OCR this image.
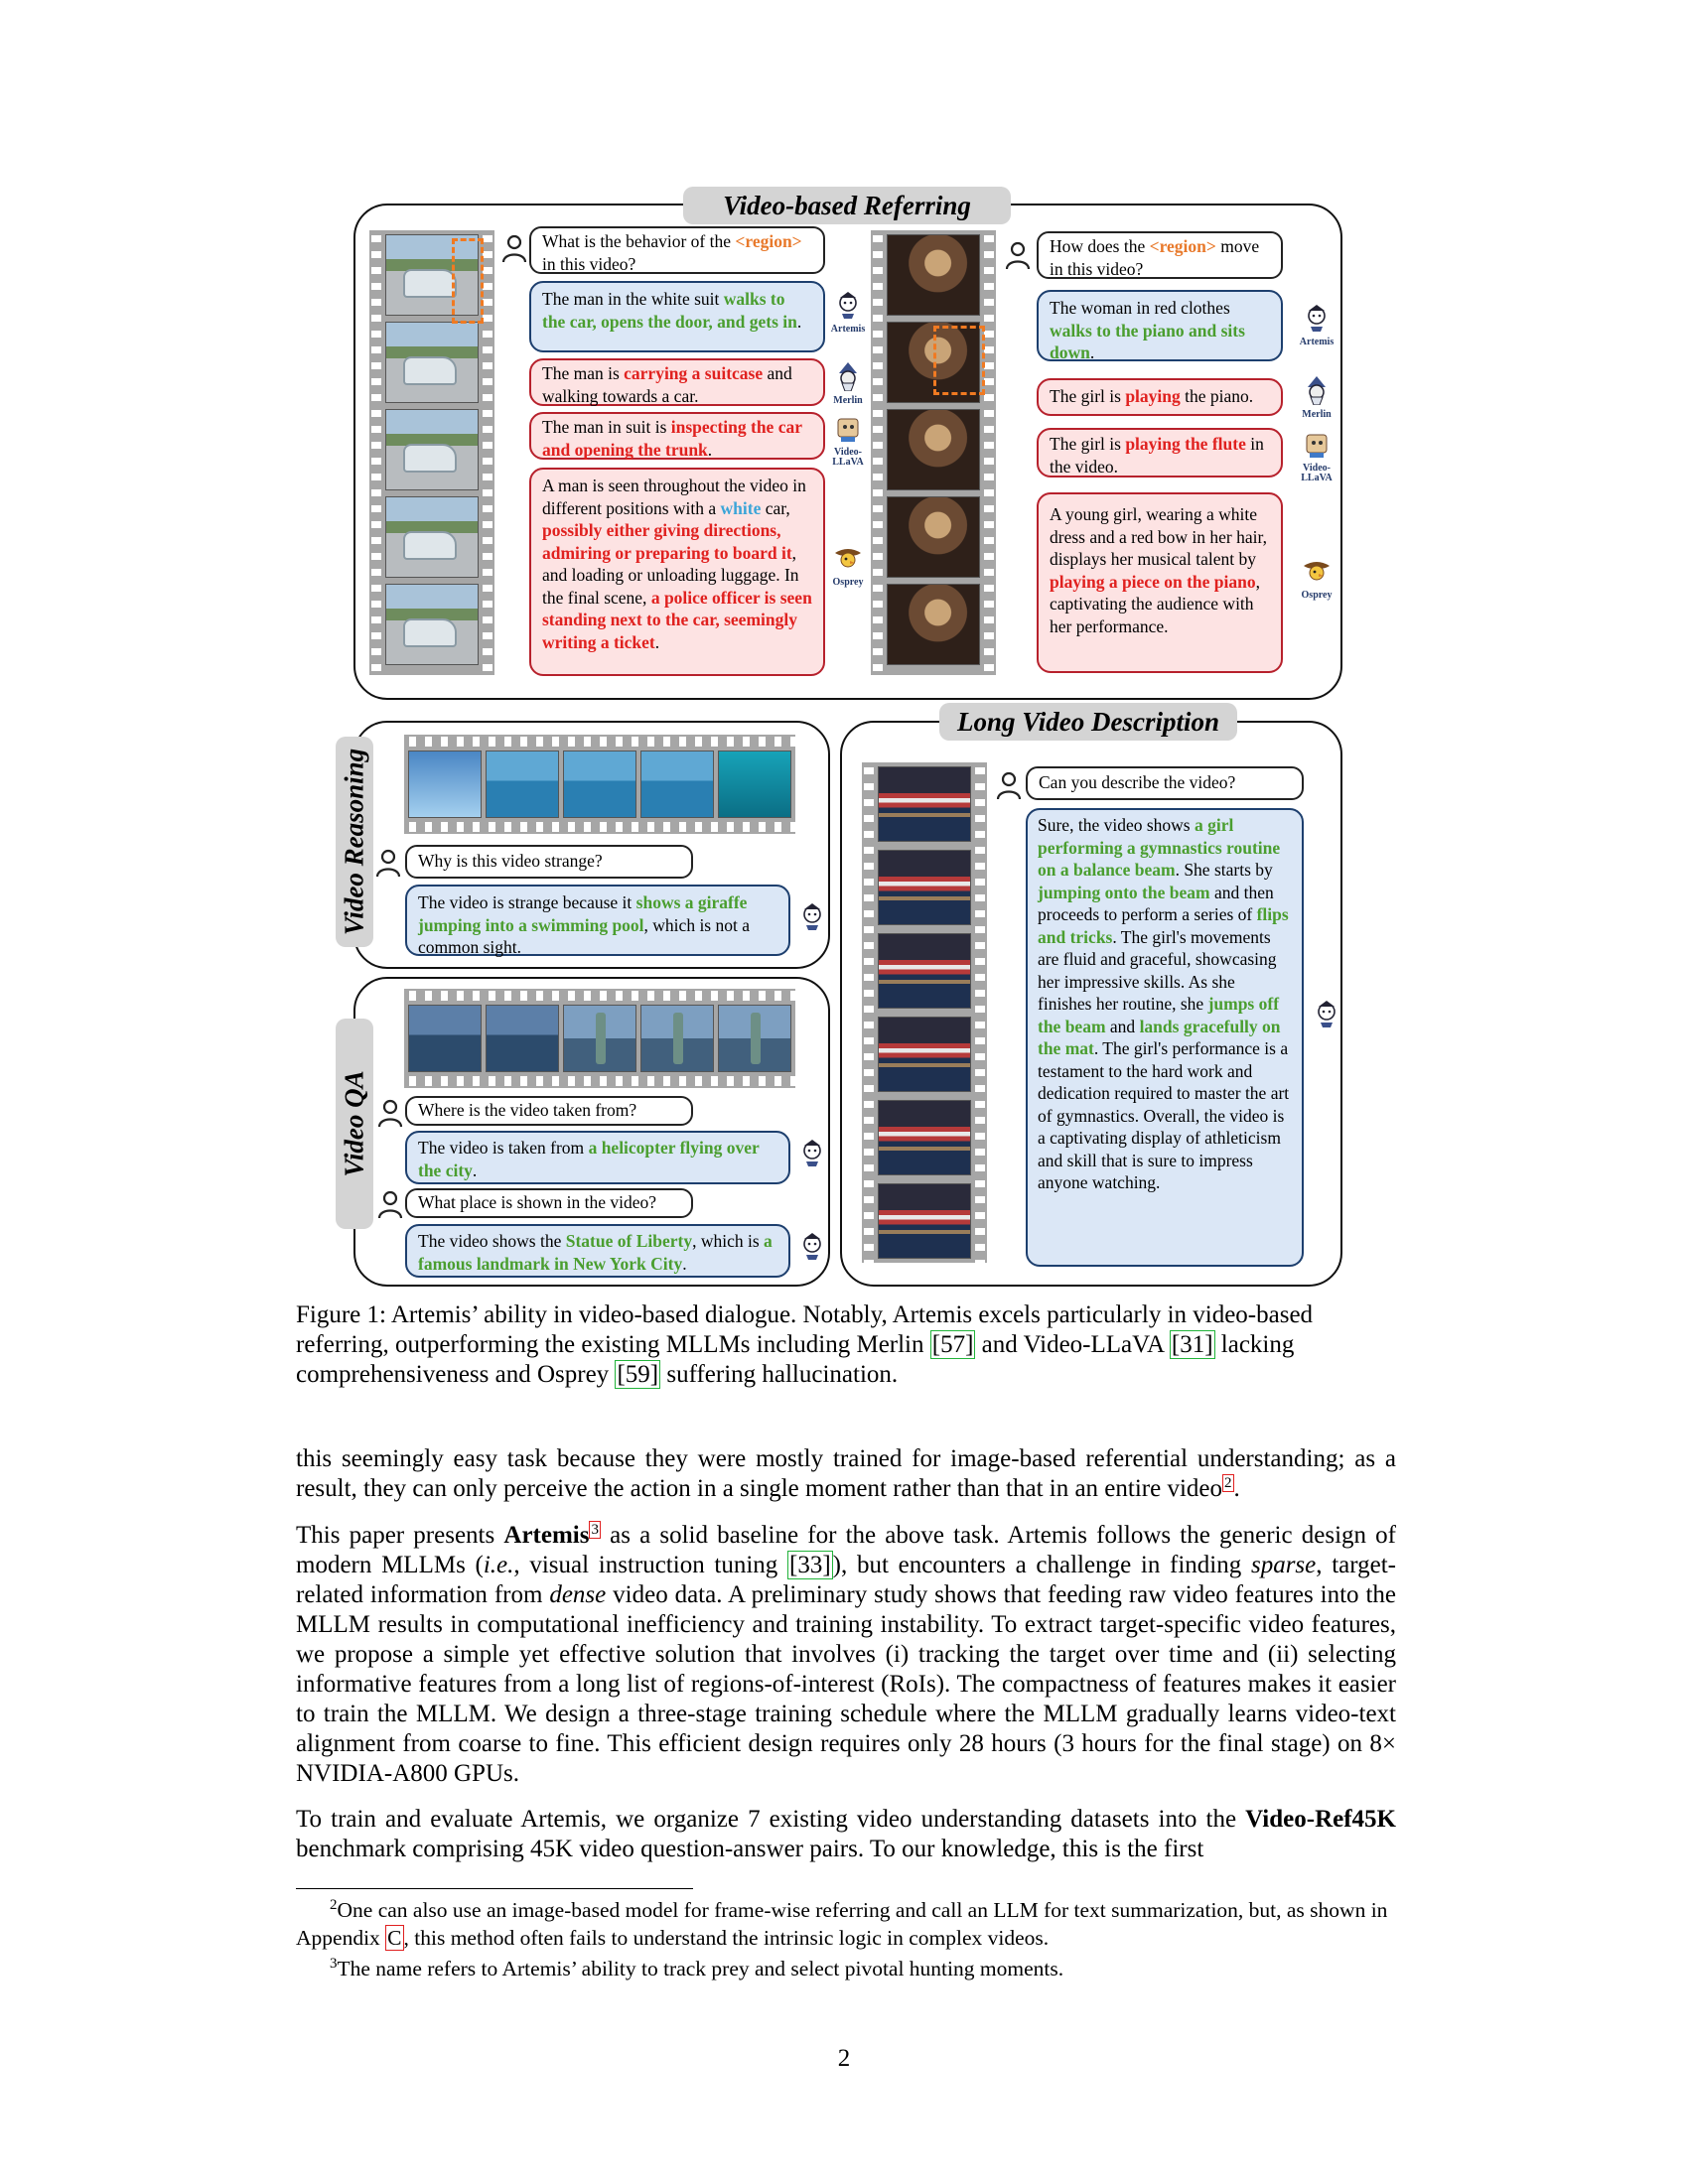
Video-based Referring
What is the behavior of the <region> in this video?
The man in the white suit walks to the car, opens the door, and gets in.
The man is carrying a suitcase and walking towards a car.
The man in suit is inspecting the car and opening the trunk.
A man is seen throughout the video in different positions with a white car, possibly either giving directions, admiring or preparing to board it, and loading or unloading luggage. In the final scene, a police officer is seen standing next to the car, seemingly writing a ticket.
Artemis
Merlin
Video-LLaVA
Osprey
How does the <region> move in this video?
The woman in red clothes walks to the piano and sits down.
The girl is playing the piano.
The girl is playing the flute in the video.
A young girl, wearing a white dress and a red bow in her hair, displays her musical talent by playing a piece on the piano, captivating the audience with her performance.
Artemis
Merlin
Video-LLaVA
Osprey
Video Reasoning	Why is this video strange?
The video is strange because it shows a giraffe jumping into a swimming pool, which is not a common sight.
Video QA	Where is the video taken from?
The video is taken from a helicopter flying over the city.
What place is shown in the video?
The video shows the Statue of Liberty, which is a famous landmark in New York City.
Long Video Description
Can you describe the video?
Sure, the video shows a girl performing a gymnastics routine on a balance beam. She starts by jumping onto the beam and then proceeds to perform a series of flips and tricks. The girl's movements are fluid and graceful, showcasing her impressive skills. As she finishes her routine, she jumps off the beam and lands gracefully on the mat. The girl's performance is a testament to the hard work and dedication required to master the art of gymnastics. Overall, the video is a captivating display of athleticism and skill that is sure to impress anyone watching.
Figure 1: Artemis’ ability in video-based dialogue. Notably, Artemis excels particularly in video-based referring, outperforming the existing MLLMs including Merlin [57] and Video-LLaVA [31] lacking comprehensiveness and Osprey [59] suffering hallucination.
this seemingly easy task because they were mostly trained for image-based referential understanding; as a result, they can only perceive the action in a single moment rather than that in an entire video $^2$.
This paper presents Artemis $^3$ as a solid baseline for the above task. Artemis follows the generic design of modern MLLMs (i.e., visual instruction tuning [33]), but encounters a challenge in finding sparse, target-related information from dense video data. A preliminary study shows that feeding raw video features into the MLLM results in computational inefficiency and training instability. To extract target-specific video features, we propose a simple yet effective solution that involves (i) tracking the target over time and (ii) selecting informative features from a long list of regions-of-interest (RoIs). The compactness of features makes it easier to train the MLLM. We design a three-stage training schedule where the MLLM gradually learns video-text alignment from coarse to fine. This efficient design requires only 28 hours (3 hours for the final stage) on 8× NVIDIA-A800 GPUs.
To train and evaluate Artemis, we organize 7 existing video understanding datasets into the Video-Ref45K benchmark comprising 45K video question-answer pairs. To our knowledge, this is the first
$^2$One can also use an image-based model for frame-wise referring and call an LLM for text summarization, but, as shown in Appendix C, this method often fails to understand the intrinsic logic in complex videos.
$^3$The name refers to Artemis’ ability to track prey and select pivotal hunting moments.
2
